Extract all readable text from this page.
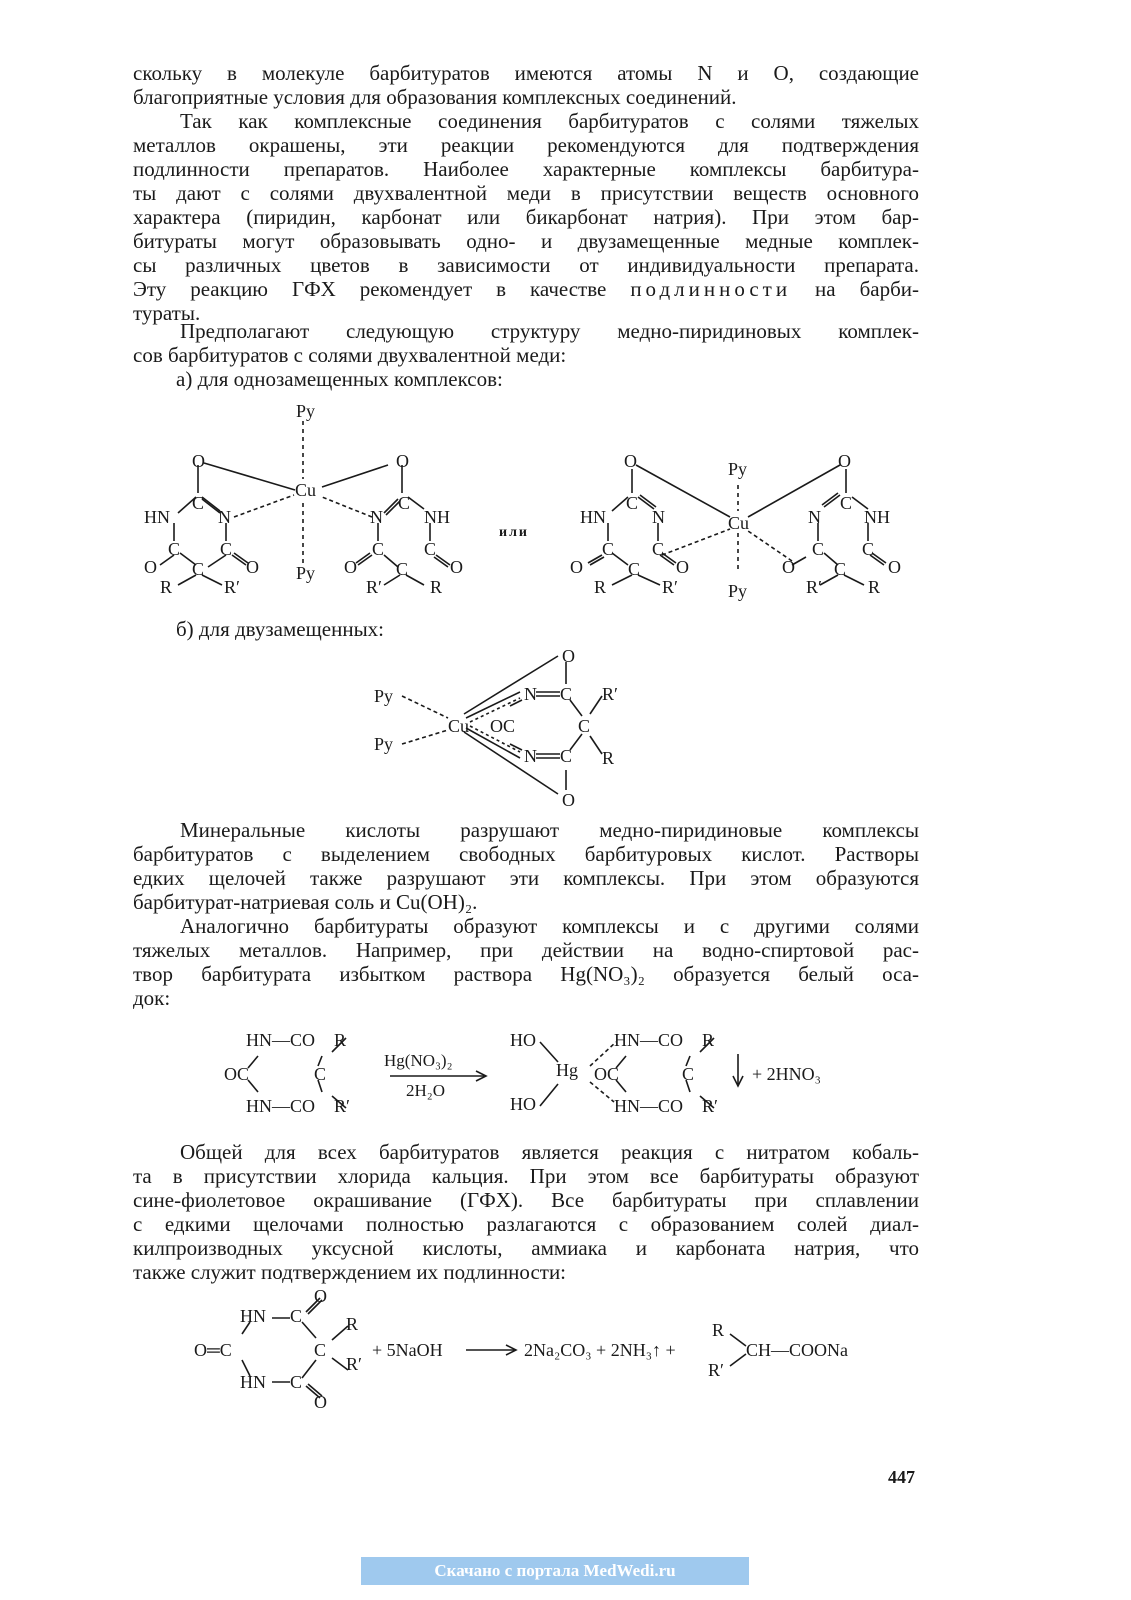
скольку в молекуле барбитуратов имеются атомы N и O, создающие
благоприятные условия для образования комплексных соединений.
Так как комплексные соединения барбитуратов с солями тяжелых
металлов окрашены, эти реакции рекомендуются для подтверждения
подлинности препаратов. Наиболее характерные комплексы барбитура-
ты дают с солями двухвалентной меди в присутствии веществ основного
характера (пиридин, карбонат или бикарбонат натрия). При этом бар-
битураты могут образовывать одно- и двузамещенные медные комплек-
сы различных цветов в зависимости от индивидуальности препарата.
Эту реакцию ГФХ рекомендует в качестве подлинности на барби-
тураты.
Предполагают следующую структуру медно-пиридиновых комплек-
сов барбитуратов с солями двухвалентной меди:

а) для однозамещенных комплексов:

Py
O	O
Cu
C	C
HN	N	N NH
C C	C C
Py
O	O	O	O
C	C
R	R′	R′	R

или

O	O
Py
C	C
HN	N	N NH
Cu
C C	C C
O	O	O	O
C	C
R	R′	Py	R′	R

б) для двузамещенных:

O
N C R′
Py
OC
Cu	C
Py
N C R
O
Минеральные кислоты разрушают медно-пиридиновые комплексы
барбитуратов с выделением свободных барбитуровых кислот. Растворы
едких щелочей также разрушают эти комплексы. При этом образуются
барбитурат-натриевая соль и Cu(OH)₂.
Аналогично барбитураты образуют комплексы и с другими солями
тяжелых металлов. Например, при действии на водно-спиртовой рас-
твор барбитурата избытком раствора Hg(NO₃)₂ образуется белый оса-
док:
HN—CO R
OC	C
HN—CO R′
Hg(NO₃)₂
2H₂O
HO
Hg
HO
HN—CO R
OC	C
HN—CO R′
+ 2HNO₃
Общей для всех барбитуратов является реакция с нитратом кобаль-
та в присутствии хлорида кальция. При этом все барбитураты образуют
сине-фиолетовое окрашивание (ГФХ). Все барбитураты при сплавлении
с едкими щелочами полностью разлагаются с образованием солей диал-
килпроизводных уксусной кислоты, аммиака и карбоната натрия, что
также служит подтверждением их подлинности:
O
HN C R
O═C	C
R′
+ 5NaOH
HN C
O
2Na₂CO₃ + 2NH₃↑ +
R
R′
CH—COONa
447
Скачано с портала MedWedi.ru
